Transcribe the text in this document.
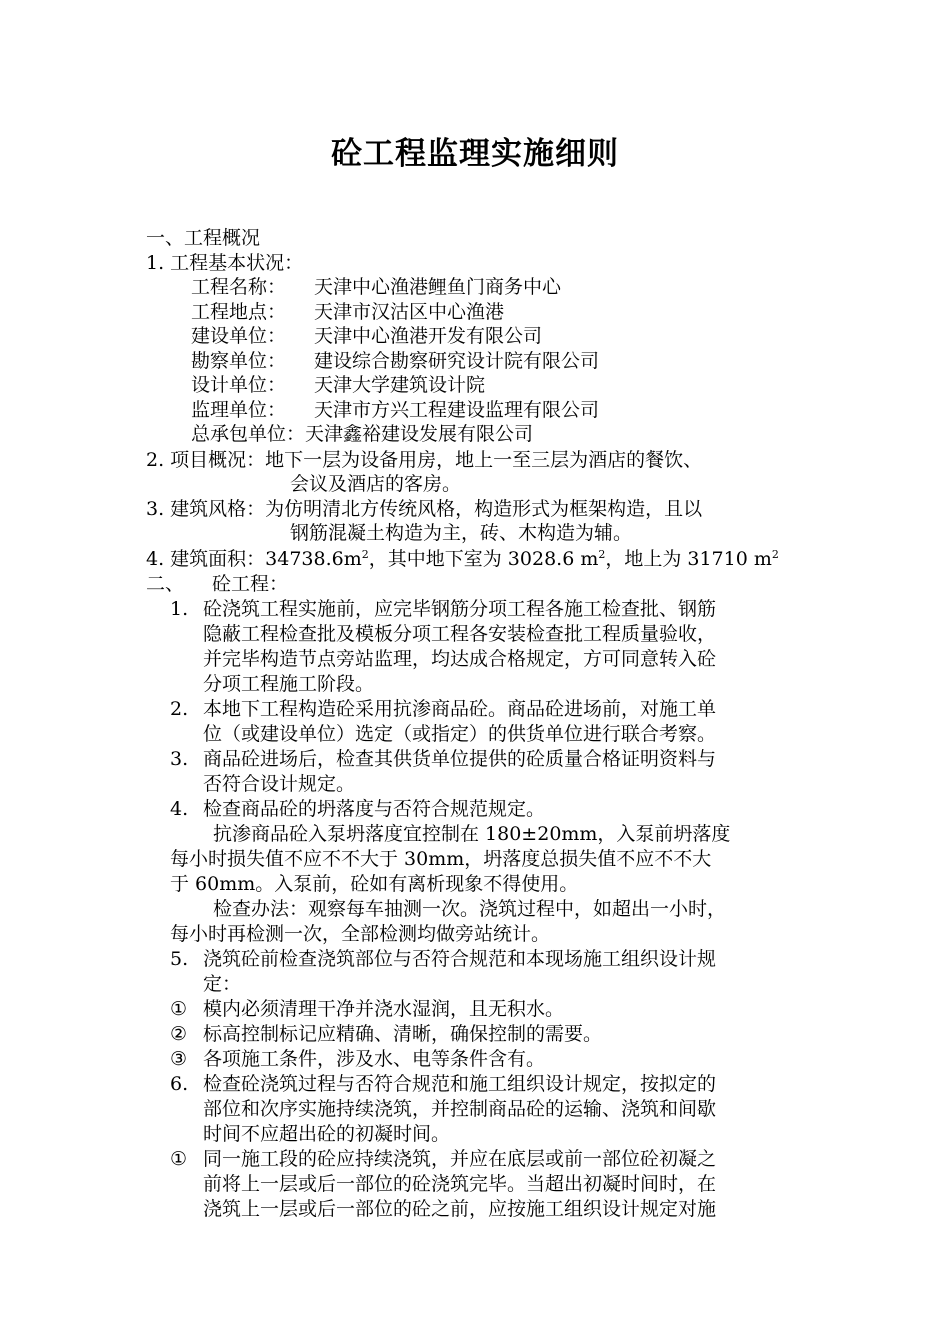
砼工程监理实施细则
一、工程概况
1. 工程基本状况：
工程名称： 天津中心渔港鲤鱼门商务中心
工程地点： 天津市汉沽区中心渔港
建设单位： 天津中心渔港开发有限公司
勘察单位： 建设综合勘察研究设计院有限公司
设计单位： 天津大学建筑设计院
监理单位： 天津市方兴工程建设监理有限公司
总承包单位：天津鑫裕建设发展有限公司
2. 项目概况：地下一层为设备用房，地上一至三层为酒店的餐饮、
会议及酒店的客房。
3. 建筑风格：为仿明清北方传统风格，构造形式为框架构造，且以
钢筋混凝土构造为主，砖、木构造为辅。
4. 建筑面积：$34738.6m^2$，其中地下室为 3028.6 $m^2$，地上为 31710 $m^2$
二、 砼工程：
1. 砼浇筑工程实施前，应完毕钢筋分项工程各施工检查批、钢筋
隐蔽工程检查批及模板分项工程各安装检查批工程质量验收，
并完毕构造节点旁站监理，均达成合格规定，方可同意转入砼
分项工程施工阶段。
2. 本地下工程构造砼采用抗渗商品砼。商品砼进场前，对施工单
位（或建设单位）选定（或指定）的供货单位进行联合考察。
3. 商品砼进场后，检查其供货单位提供的砼质量合格证明资料与
否符合设计规定。
4. 检查商品砼的坍落度与否符合规范规定。
抗渗商品砼入泵坍落度宜控制在 180±20mm，入泵前坍落度
每小时损失值不应不不大于 30mm，坍落度总损失值不应不不大
于 60mm。入泵前，砼如有离析现象不得使用。
检查办法：观察每车抽测一次。浇筑过程中，如超出一小时，
每小时再检测一次，全部检测均做旁站统计。
5. 浇筑砼前检查浇筑部位与否符合规范和本现场施工组织设计规
定：
① 模内必须清理干净并浇水湿润，且无积水。
② 标高控制标记应精确、清晰，确保控制的需要。
③ 各项施工条件，涉及水、电等条件含有。
6. 检查砼浇筑过程与否符合规范和施工组织设计规定，按拟定的
部位和次序实施持续浇筑，并控制商品砼的运输、浇筑和间歇
时间不应超出砼的初凝时间。
① 同一施工段的砼应持续浇筑，并应在底层或前一部位砼初凝之
前将上一层或后一部位的砼浇筑完毕。当超出初凝时间时，在
浇筑上一层或后一部位的砼之前，应按施工组织设计规定对施
